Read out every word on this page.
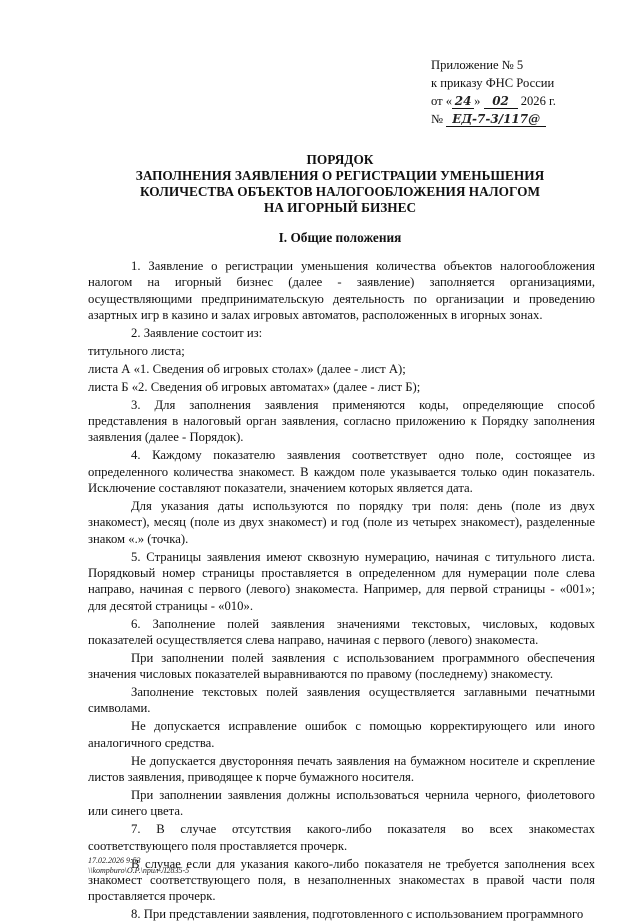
Приложение № 5
к приказу ФНС России
от « 24 » 02 2026 г.
№ ЕД-7-3/117@
ПОРЯДОК
ЗАПОЛНЕНИЯ ЗАЯВЛЕНИЯ О РЕГИСТРАЦИИ УМЕНЬШЕНИЯ
КОЛИЧЕСТВА ОБЪЕКТОВ НАЛОГООБЛОЖЕНИЯ НАЛОГОМ
НА ИГОРНЫЙ БИЗНЕС
I. Общие положения

1. Заявление о регистрации уменьшения количества объектов налогообложения налогом на игорный бизнес (далее - заявление) заполняется организациями, осуществляющими предпринимательскую деятельность по организации и проведению азартных игр в казино и залах игровых автоматов, расположенных в игорных зонах.

2. Заявление состоит из:

титульного листа;

листа А «1. Сведения об игровых столах» (далее - лист А);

листа Б «2. Сведения об игровых автоматах» (далее - лист Б);

3. Для заполнения заявления применяются коды, определяющие способ представления в налоговый орган заявления, согласно приложению к Порядку заполнения заявления (далее - Порядок).

4. Каждому показателю заявления соответствует одно поле, состоящее из определенного количества знакомест. В каждом поле указывается только один показатель. Исключение составляют показатели, значением которых является дата.

Для указания даты используются по порядку три поля: день (поле из двух знакомест), месяц (поле из двух знакомест) и год (поле из четырех знакомест), разделенные знаком «.» (точка).

5. Страницы заявления имеют сквозную нумерацию, начиная с титульного листа. Порядковый номер страницы проставляется в определенном для нумерации поле слева направо, начиная с первого (левого) знакоместа. Например, для первой страницы - «001»; для десятой страницы - «010».

6. Заполнение полей заявления значениями текстовых, числовых, кодовых показателей осуществляется слева направо, начиная с первого (левого) знакоместа.

При заполнении полей заявления с использованием программного обеспечения значения числовых показателей выравниваются по правому (последнему) знакоместу.

Заполнение текстовых полей заявления осуществляется заглавными печатными символами.

Не допускается исправление ошибок с помощью корректирующего или иного аналогичного средства.

Не допускается двусторонняя печать заявления на бумажном носителе и скрепление листов заявления, приводящее к порче бумажного носителя.

При заполнении заявления должны использоваться чернила черного, фиолетового или синего цвета.

7. В случае отсутствия какого-либо показателя во всех знакоместах соответствующего поля проставляется прочерк.

В случае если для указания какого-либо показателя не требуется заполнения всех знакомест соответствующего поля, в незаполненных знакоместах в правой части поля проставляется прочерк.

8. При представлении заявления, подготовленного с использованием программного

17.02.2026 9:53
\\kompburo\О.Р.\прил-Л2835-5
